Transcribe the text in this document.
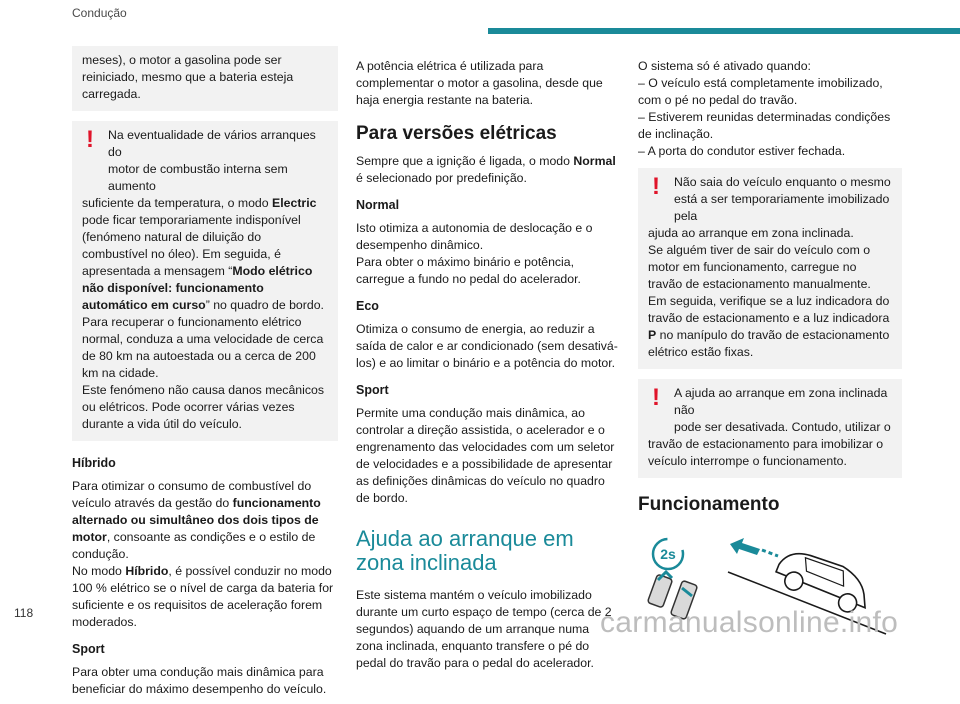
Condução

meses), o motor a gasolina pode ser reiniciado, mesmo que a bateria esteja carregada.

!	Na eventualidade de vários arranques do
motor de combustão interna sem aumento
suficiente da temperatura, o modo Electric pode ficar temporariamente indisponível (fenómeno natural de diluição do combustível no óleo). Em seguida, é apresentada a mensagem “Modo elétrico não disponível: funcionamento automático em curso” no quadro de bordo.
Para recuperar o funcionamento elétrico normal, conduza a uma velocidade de cerca de 80 km na autoestada ou a cerca de 200 km na cidade.
Este fenómeno não causa danos mecânicos ou elétricos. Pode ocorrer várias vezes durante a vida útil do veículo.
Híbrido

Para otimizar o consumo de combustível do veículo através da gestão do funcionamento alternado ou simultâneo dos dois tipos de motor, consoante as condições e o estilo de condução.
No modo Híbrido, é possível conduzir no modo 100 % elétrico se o nível de carga da bateria for suficiente e os requisitos de aceleração forem moderados.

Sport

Para obter uma condução mais dinâmica para beneficiar do máximo desempenho do veículo.

A potência elétrica é utilizada para complementar o motor a gasolina, desde que haja energia restante na bateria.

Para versões elétricas

Sempre que a ignição é ligada, o modo Normal é selecionado por predefinição.

Normal

Isto otimiza a autonomia de deslocação e o desempenho dinâmico.
Para obter o máximo binário e potência, carregue a fundo no pedal do acelerador.

Eco

Otimiza o consumo de energia, ao reduzir a saída de calor e ar condicionado (sem desativá-los) e ao limitar o binário e a potência do motor.

Sport

Permite uma condução mais dinâmica, ao controlar a direção assistida, o acelerador e o engrenamento das velocidades com um seletor de velocidades e a possibilidade de apresentar as definições dinâmicas do veículo no quadro de bordo.

Ajuda ao arranque em zona inclinada

Este sistema mantém o veículo imobilizado durante um curto espaço de tempo (cerca de 2 segundos) aquando de um arranque numa zona inclinada, enquanto transfere o pé do pedal do travão para o pedal do acelerador.

O sistema só é ativado quando:
– O veículo está completamente imobilizado, com o pé no pedal do travão.
– Estiverem reunidas determinadas condições de inclinação.
– A porta do condutor estiver fechada.

!	Não saia do veículo enquanto o mesmo
está a ser temporariamente imobilizado pela
ajuda ao arranque em zona inclinada.
Se alguém tiver de sair do veículo com o motor em funcionamento, carregue no travão de estacionamento manualmente. Em seguida, verifique se a luz indicadora do travão de estacionamento e a luz indicadora P no manípulo do travão de estacionamento elétrico estão fixas.
!	A ajuda ao arranque em zona inclinada não
pode ser desativada. Contudo, utilizar o
travão de estacionamento para imobilizar o veículo interrompe o funcionamento.
Funcionamento
2s
118	carmanualsonline.info
